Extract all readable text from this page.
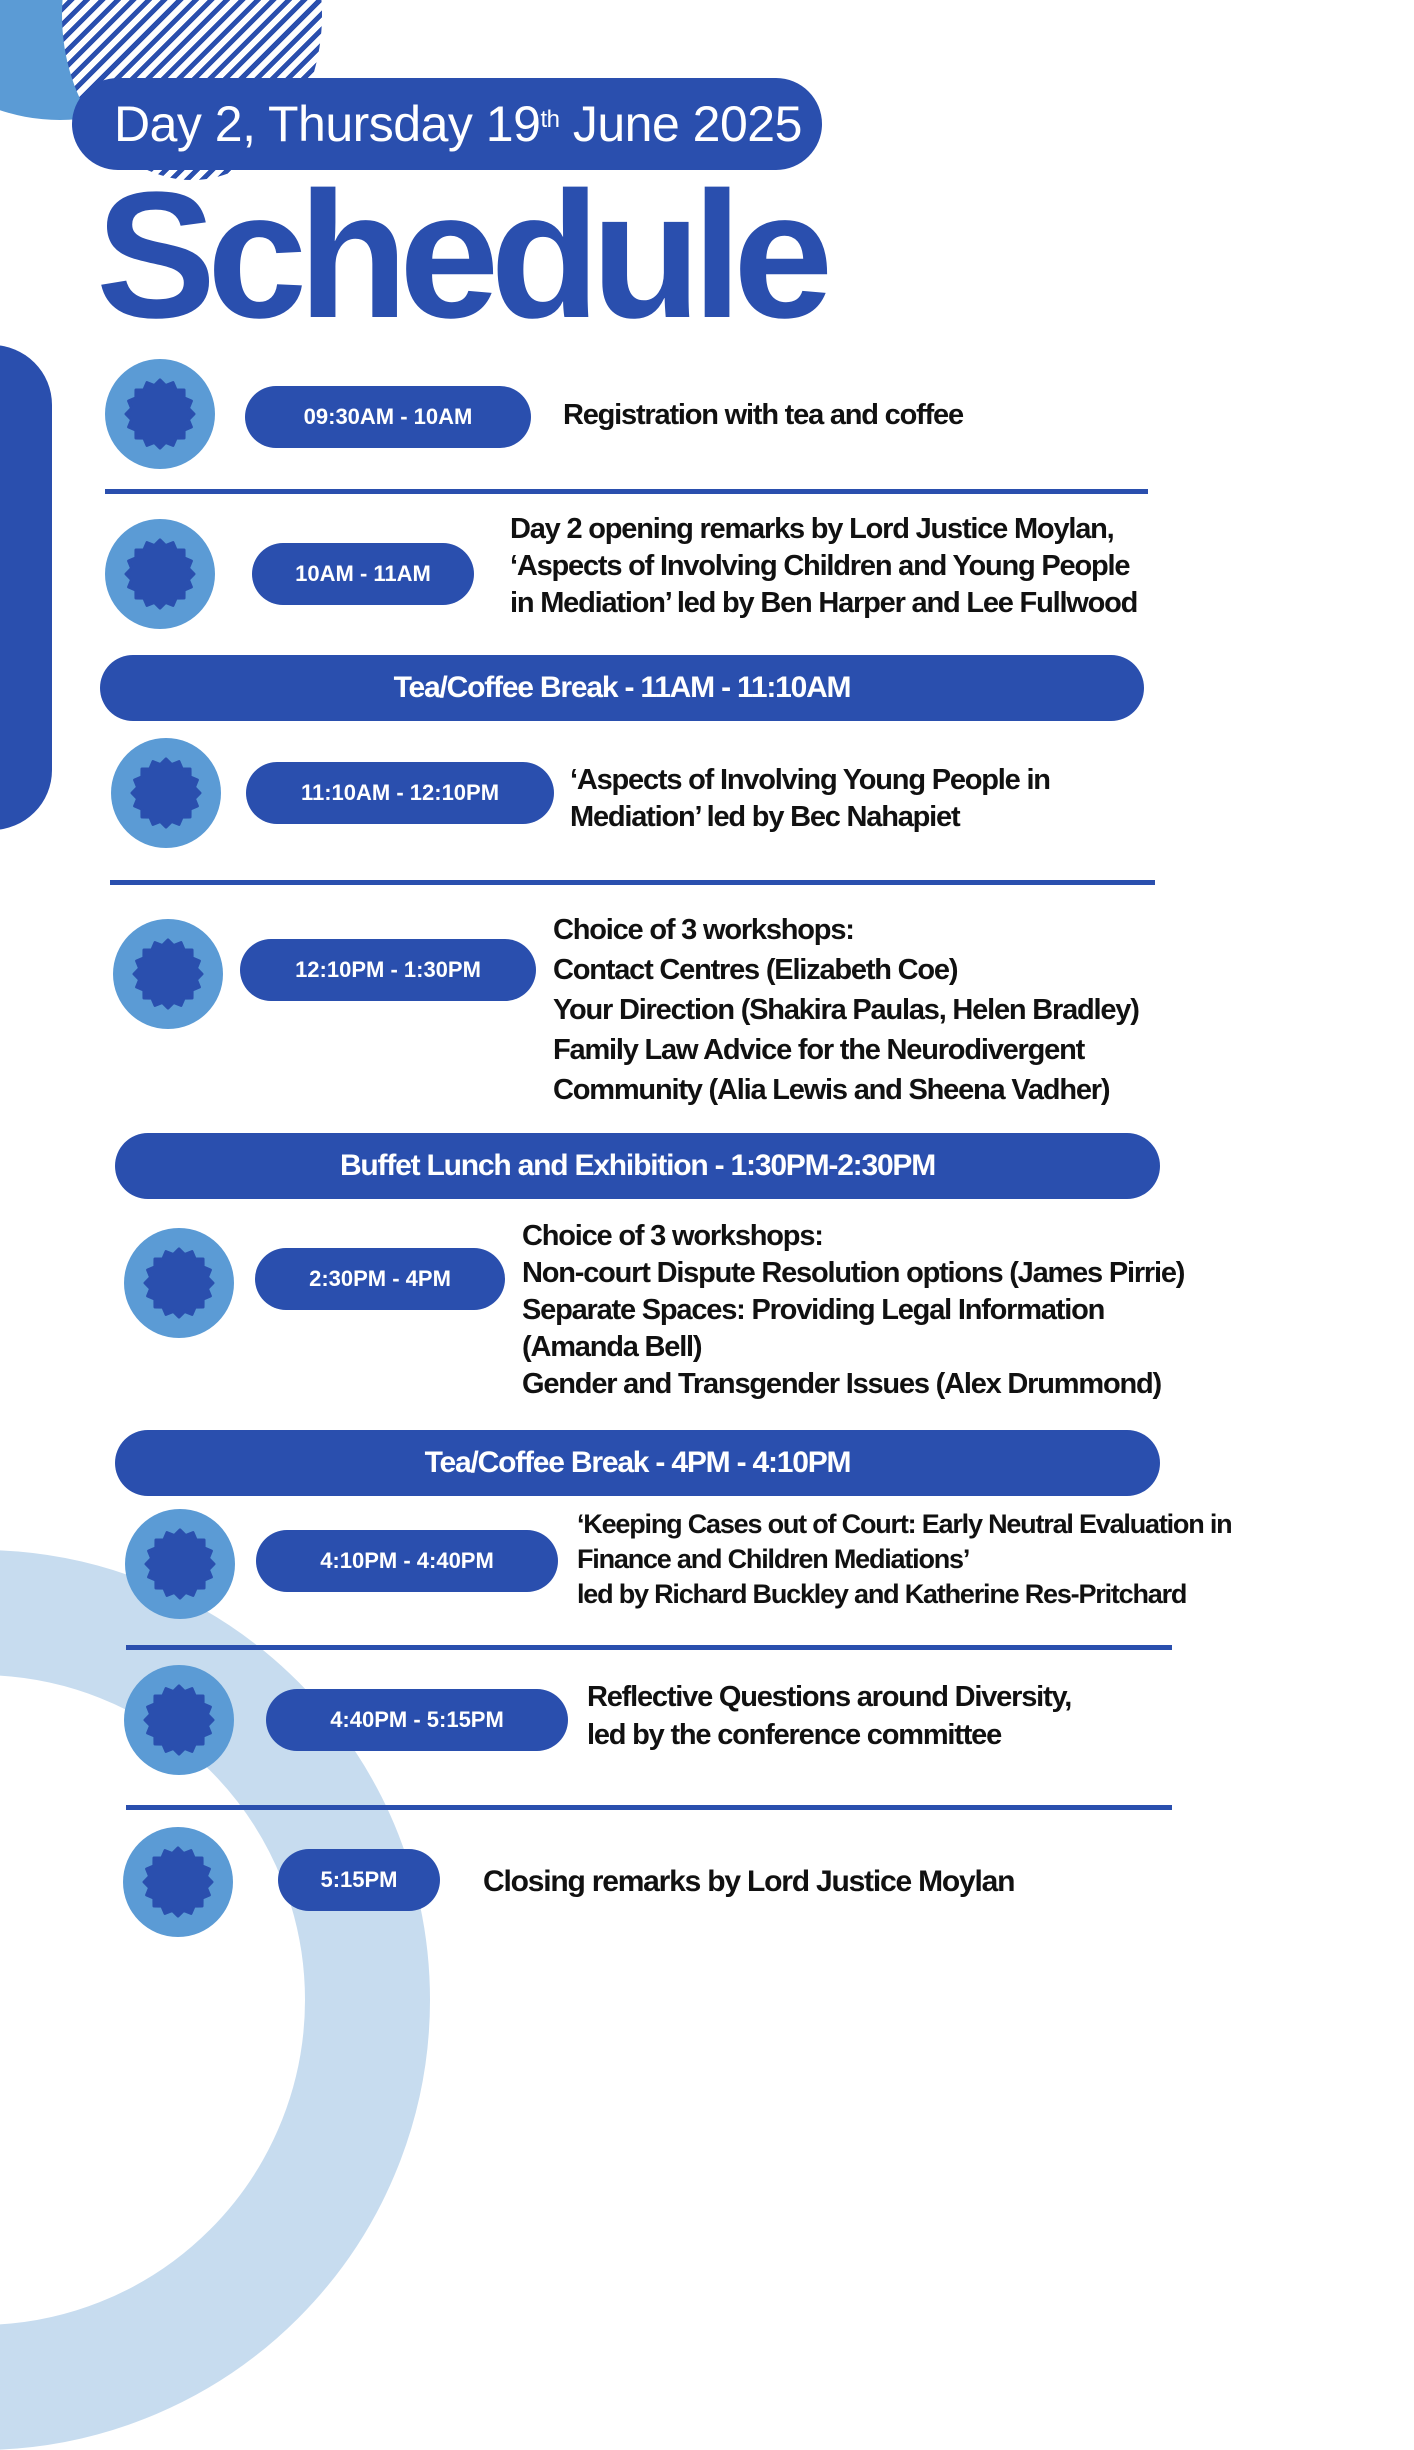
Day 2, Thursday 19th June 2025
Schedule
09:30AM - 10AM	Registration with tea and coffee
10AM - 11AM
Day 2 opening remarks by Lord Justice Moylan,
‘Aspects of Involving Children and Young People
in Mediation’ led by Ben Harper and Lee Fullwood
Tea/Coffee Break - 11AM - 11:10AM
11:10AM - 12:10PM	‘Aspects of Involving Young People in
Mediation’ led by Bec Nahapiet
12:10PM - 1:30PM
Choice of 3 workshops:
Contact Centres (Elizabeth Coe)
Your Direction (Shakira Paulas, Helen Bradley)
Family Law Advice for the Neurodivergent
Community (Alia Lewis and Sheena Vadher)
Buffet Lunch and Exhibition - 1:30PM-2:30PM
2:30PM - 4PM
Choice of 3 workshops:
Non-court Dispute Resolution options (James Pirrie)
Separate Spaces: Providing Legal Information
(Amanda Bell)
Gender and Transgender Issues (Alex Drummond)
Tea/Coffee Break - 4PM - 4:10PM
4:10PM - 4:40PM
‘Keeping Cases out of Court: Early Neutral Evaluation in
Finance and Children Mediations’
led by Richard Buckley and Katherine Res-Pritchard
4:40PM - 5:15PM
Reflective Questions around Diversity,
led by the conference committee
5:15PM	Closing remarks by Lord Justice Moylan
